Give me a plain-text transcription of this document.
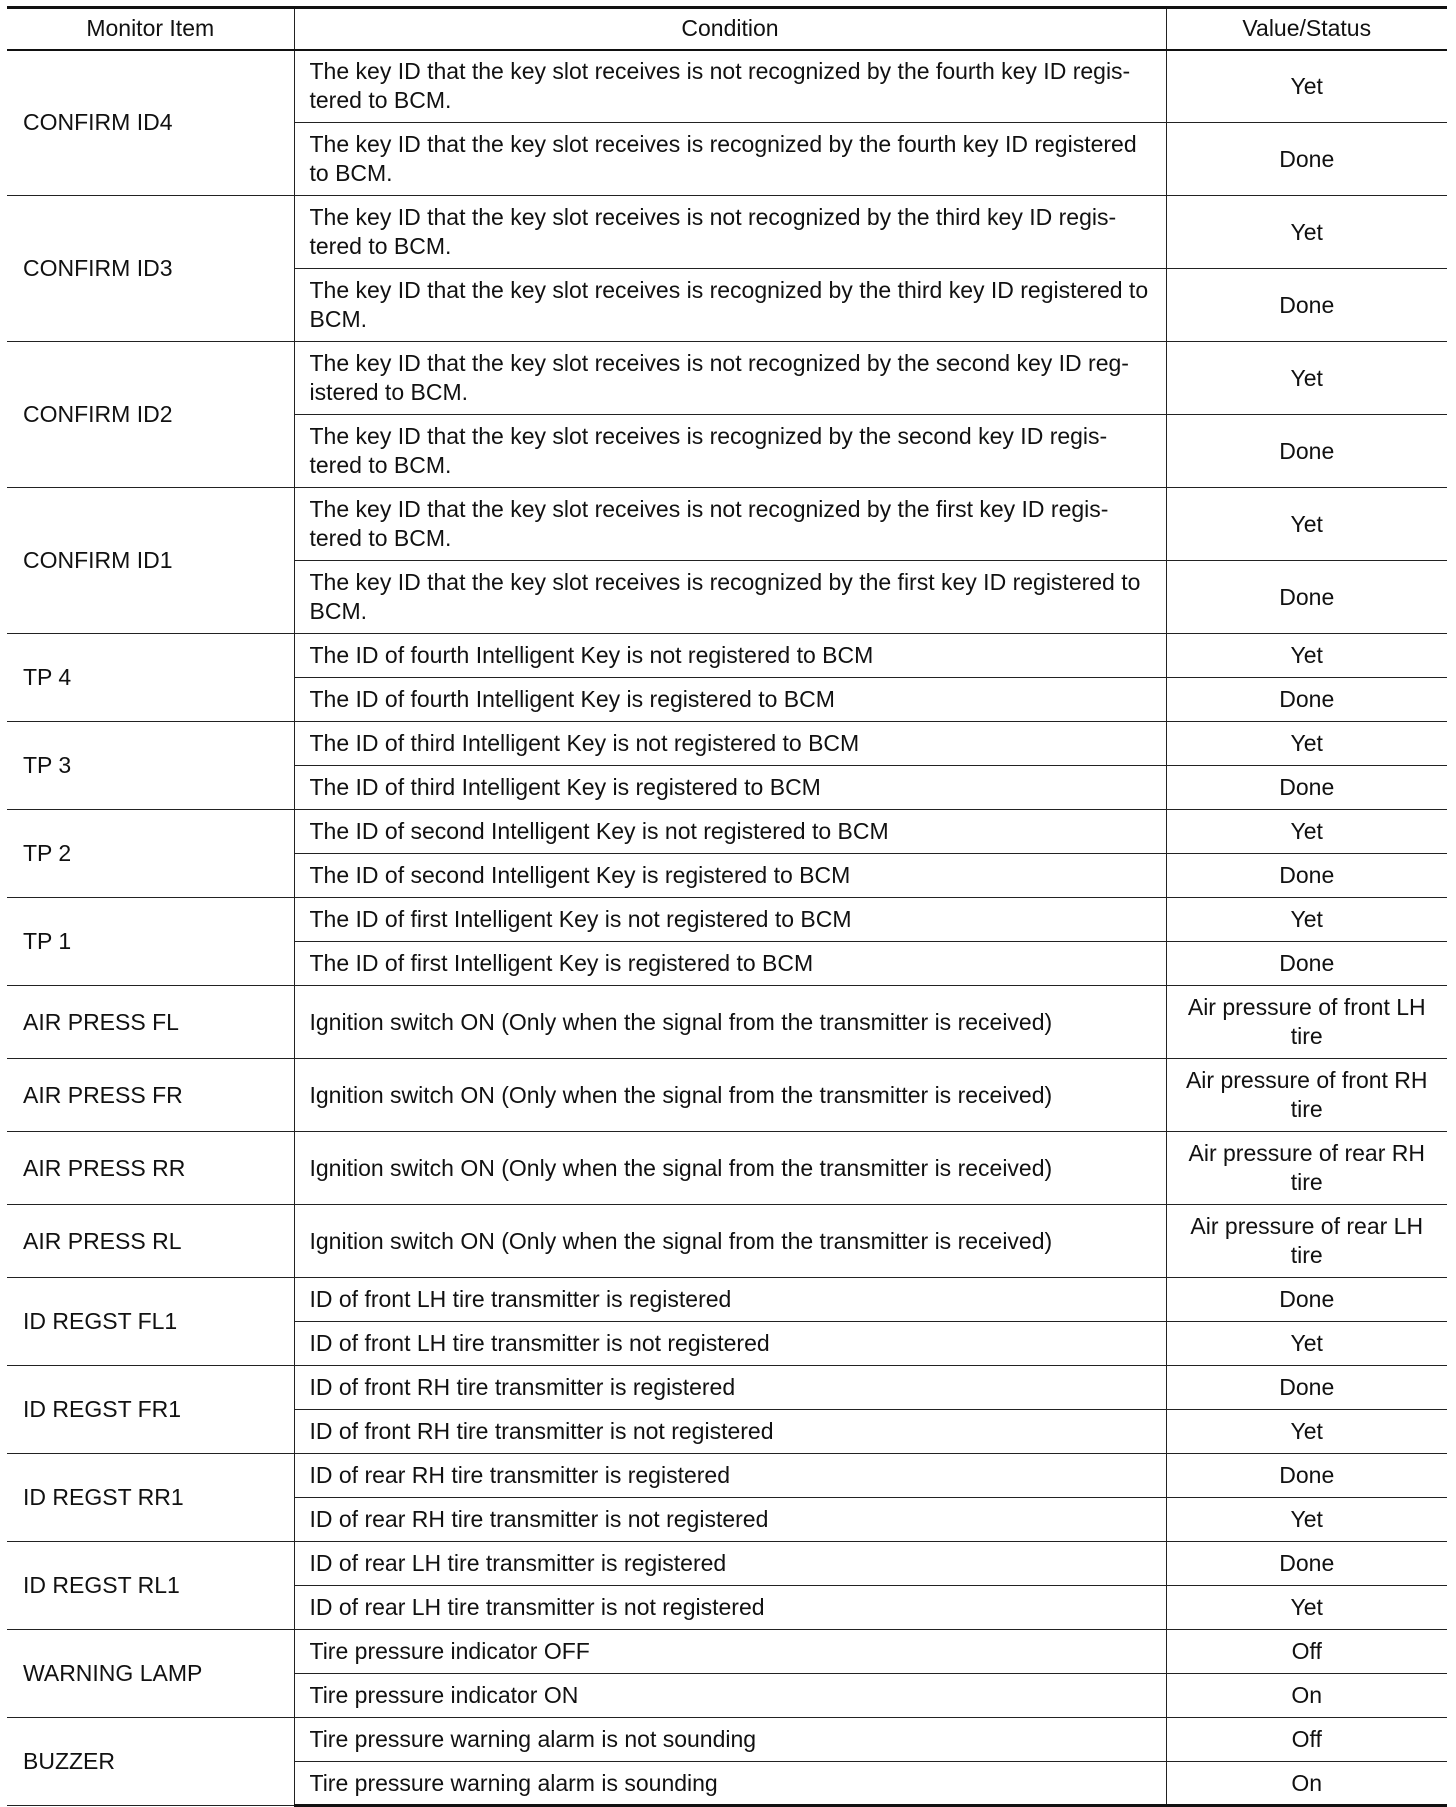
Monitor Item	Condition	Value/Status
CONFIRM ID4	The key ID that the key slot receives is not recognized by the fourth key ID regis-tered to BCM.	Yet
	The key ID that the key slot receives is recognized by the fourth key ID registered to BCM.	Done
CONFIRM ID3	The key ID that the key slot receives is not recognized by the third key ID regis-tered to BCM.	Yet
	The key ID that the key slot receives is recognized by the third key ID registered to BCM.	Done
CONFIRM ID2	The key ID that the key slot receives is not recognized by the second key ID reg-istered to BCM.	Yet
	The key ID that the key slot receives is recognized by the second key ID regis-tered to BCM.	Done
CONFIRM ID1	The key ID that the key slot receives is not recognized by the first key ID regis-tered to BCM.	Yet
	The key ID that the key slot receives is recognized by the first key ID registered to BCM.	Done
TP 4	The ID of fourth Intelligent Key is not registered to BCM	Yet
	The ID of fourth Intelligent Key is registered to BCM	Done
TP 3	The ID of third Intelligent Key is not registered to BCM	Yet
	The ID of third Intelligent Key is registered to BCM	Done
TP 2	The ID of second Intelligent Key is not registered to BCM	Yet
	The ID of second Intelligent Key is registered to BCM	Done
TP 1	The ID of first Intelligent Key is not registered to BCM	Yet
	The ID of first Intelligent Key is registered to BCM	Done
AIR PRESS FL	Ignition switch ON (Only when the signal from the transmitter is received)	Air pressure of front LH tire
AIR PRESS FR	Ignition switch ON (Only when the signal from the transmitter is received)	Air pressure of front RH tire
AIR PRESS RR	Ignition switch ON (Only when the signal from the transmitter is received)	Air pressure of rear RH tire
AIR PRESS RL	Ignition switch ON (Only when the signal from the transmitter is received)	Air pressure of rear LH tire
ID REGST FL1	ID of front LH tire transmitter is registered	Done
	ID of front LH tire transmitter is not registered	Yet
ID REGST FR1	ID of front RH tire transmitter is registered	Done
	ID of front RH tire transmitter is not registered	Yet
ID REGST RR1	ID of rear RH tire transmitter is registered	Done
	ID of rear RH tire transmitter is not registered	Yet
ID REGST RL1	ID of rear LH tire transmitter is registered	Done
	ID of rear LH tire transmitter is not registered	Yet
WARNING LAMP	Tire pressure indicator OFF	Off
	Tire pressure indicator ON	On
BUZZER	Tire pressure warning alarm is not sounding	Off
	Tire pressure warning alarm is sounding	On
